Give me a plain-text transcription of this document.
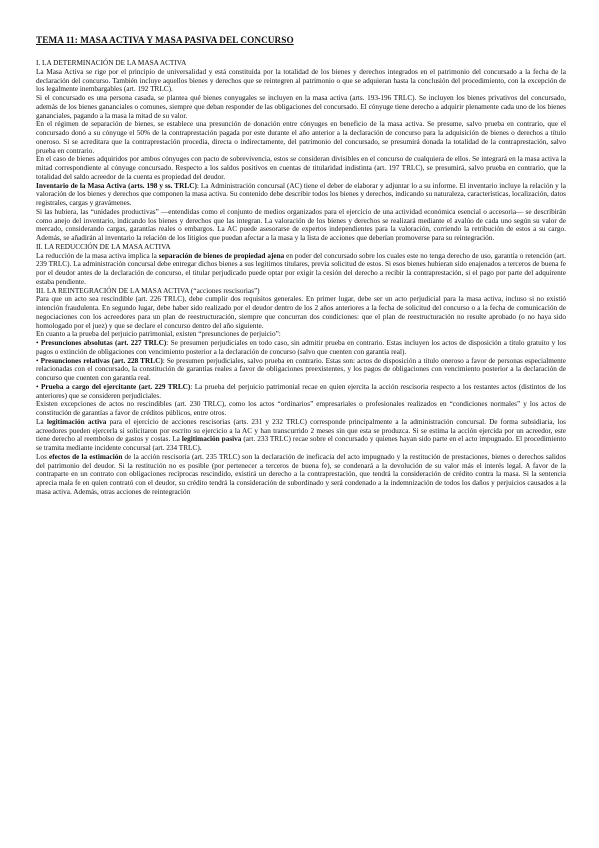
TEMA 11: MASA ACTIVA Y MASA PASIVA DEL CONCURSO

I. LA DETERMINACIÓN DE LA MASA ACTIVA

La Masa Activa se rige por el principio de universalidad y está constituida por la totalidad de los bienes y derechos integrados en el patrimonio del concursado a la fecha de la declaración del concurso. También incluye aquellos bienes y derechos que se reintegren al patrimonio o que se adquieran hasta la conclusión del procedimiento, con la excepción de los legalmente inembargables (art. 192 TRLC).

Si el concursado es una persona casada, se plantea qué bienes conyugales se incluyen en la masa activa (arts. 193-196 TRLC). Se incluyen los bienes privativos del concursado, además de los bienes gananciales o comunes, siempre que deban responder de las obligaciones del concursado. El cónyuge tiene derecho a adquirir plenamente cada uno de los bienes gananciales, pagando a la masa la mitad de su valor.

En el régimen de separación de bienes, se establece una presunción de donación entre cónyuges en beneficio de la masa activa. Se presume, salvo prueba en contrario, que el concursado donó a su cónyuge el 50% de la contraprestación pagada por este durante el año anterior a la declaración de concurso para la adquisición de bienes o derechos a título oneroso. Si se acreditara que la contraprestación procedía, directa o indirectamente, del patrimonio del concursado, se presumirá donada la totalidad de la contraprestación, salvo prueba en contrario.

En el caso de bienes adquiridos por ambos cónyuges con pacto de sobrevivencia, estos se consideran divisibles en el concurso de cualquiera de ellos. Se integrará en la masa activa la mitad correspondiente al cónyuge concursado. Respecto a los saldos positivos en cuentas de titularidad indistinta (art. 197 TRLC), se presumirá, salvo prueba en contrario, que la totalidad del saldo acreedor de la cuenta es propiedad del deudor.

Inventario de la Masa Activa (arts. 198 y ss. TRLC): La Administración concursal (AC) tiene el deber de elaborar y adjuntar lo a su informe. El inventario incluye la relación y la valoración de los bienes y derechos que componen la masa activa. Su contenido debe describir todos los bienes y derechos, indicando su naturaleza, características, localización, datos registrales, cargas y gravámenes.

Si las hubiera, las “unidades productivas” —entendidas como el conjunto de medios organizados para el ejercicio de una actividad económica esencial o accesoria— se describirán como anejo del inventario, indicando los bienes y derechos que las integran. La valoración de los bienes y derechos se realizará mediante el avalúo de cada uno según su valor de mercado, considerando cargas, garantías reales o embargos. La AC puede asesorarse de expertos independientes para la valoración, corriendo la retribución de estos a su cargo. Además, se añadirán al inventario la relación de los litigios que puedan afectar a la masa y la lista de acciones que deberían promoverse para su reintegración.

II. LA REDUCCIÓN DE LA MASA ACTIVA

La reducción de la masa activa implica la separación de bienes de propiedad ajena en poder del concursado sobre los cuales este no tenga derecho de uso, garantía o retención (art. 239 TRLC). La administración concursal debe entregar dichos bienes a sus legítimos titulares, previa solicitud de estos. Si esos bienes hubieran sido enajenados a terceros de buena fe por el deudor antes de la declaración de concurso, el titular perjudicado puede optar por exigir la cesión del derecho a recibir la contraprestación, si el pago por parte del adquirente estaba pendiente.

III. LA REINTEGRACIÓN DE LA MASA ACTIVA (“acciones rescisorias”)

Para que un acto sea rescindible (art. 226 TRLC), debe cumplir dos requisitos generales. En primer lugar, debe ser un acto perjudicial para la masa activa, incluso si no existió intención fraudulenta. En segundo lugar, debe haber sido realizado por el deudor dentro de los 2 años anteriores a la fecha de solicitud del concurso o a la fecha de comunicación de negociaciones con los acreedores para un plan de reestructuración, siempre que concurran dos condiciones: que el plan de reestructuración no resulte aprobado (o no haya sido homologado por el juez) y que se declare el concurso dentro del año siguiente.

En cuanto a la prueba del perjuicio patrimonial, existen “presunciones de perjuicio”:

• Presunciones absolutas (art. 227 TRLC): Se presumen perjudiciales en todo caso, sin admitir prueba en contrario. Estas incluyen los actos de disposición a título gratuito y los pagos o extinción de obligaciones con vencimiento posterior a la declaración de concurso (salvo que cuenten con garantía real).

• Presunciones relativas (art. 228 TRLC): Se presumen perjudiciales, salvo prueba en contrario. Estas son: actos de disposición a título oneroso a favor de personas especialmente relacionadas con el concursado, la constitución de garantías reales a favor de obligaciones preexistentes, y los pagos de obligaciones con vencimiento posterior a la declaración de concurso que cuenten con garantía real.

• Prueba a cargo del ejercitante (art. 229 TRLC): La prueba del perjuicio patrimonial recae en quien ejercita la acción rescisoria respecto a los restantes actos (distintos de los anteriores) que se consideren perjudiciales.

Existen excepciones de actos no rescindibles (art. 230 TRLC), como los actos “ordinarios” empresariales o profesionales realizados en “condiciones normales” y los actos de constitución de garantías a favor de créditos públicos, entre otros.

La legitimación activa para el ejercicio de acciones rescisorias (arts. 231 y 232 TRLC) corresponde principalmente a la administración concursal. De forma subsidiaria, los acreedores pueden ejercerla si solicitaron por escrito su ejercicio a la AC y han transcurrido 2 meses sin que esta se produzca. Si se estima la acción ejercida por un acreedor, este tiene derecho al reembolso de gastos y costas. La legitimación pasiva (art. 233 TRLC) recae sobre el concursado y quienes hayan sido parte en el acto impugnado. El procedimiento se tramita mediante incidente concursal (art. 234 TRLC).

Los efectos de la estimación de la acción rescisoria (art. 235 TRLC) son la declaración de ineficacia del acto impugnado y la restitución de prestaciones, bienes o derechos salidos del patrimonio del deudor. Si la restitución no es posible (por pertenecer a terceros de buena fe), se condenará a la devolución de su valor más el interés legal. A favor de la contraparte en un contrato con obligaciones recíprocas rescindido, existirá un derecho a la contraprestación, que tendrá la consideración de crédito contra la masa. Si la sentencia aprecia mala fe en quien contrató con el deudor, su crédito tendrá la consideración de subordinado y será condenado a la indemnización de todos los daños y perjuicios causados a la masa activa. Además, otras acciones de reintegración
